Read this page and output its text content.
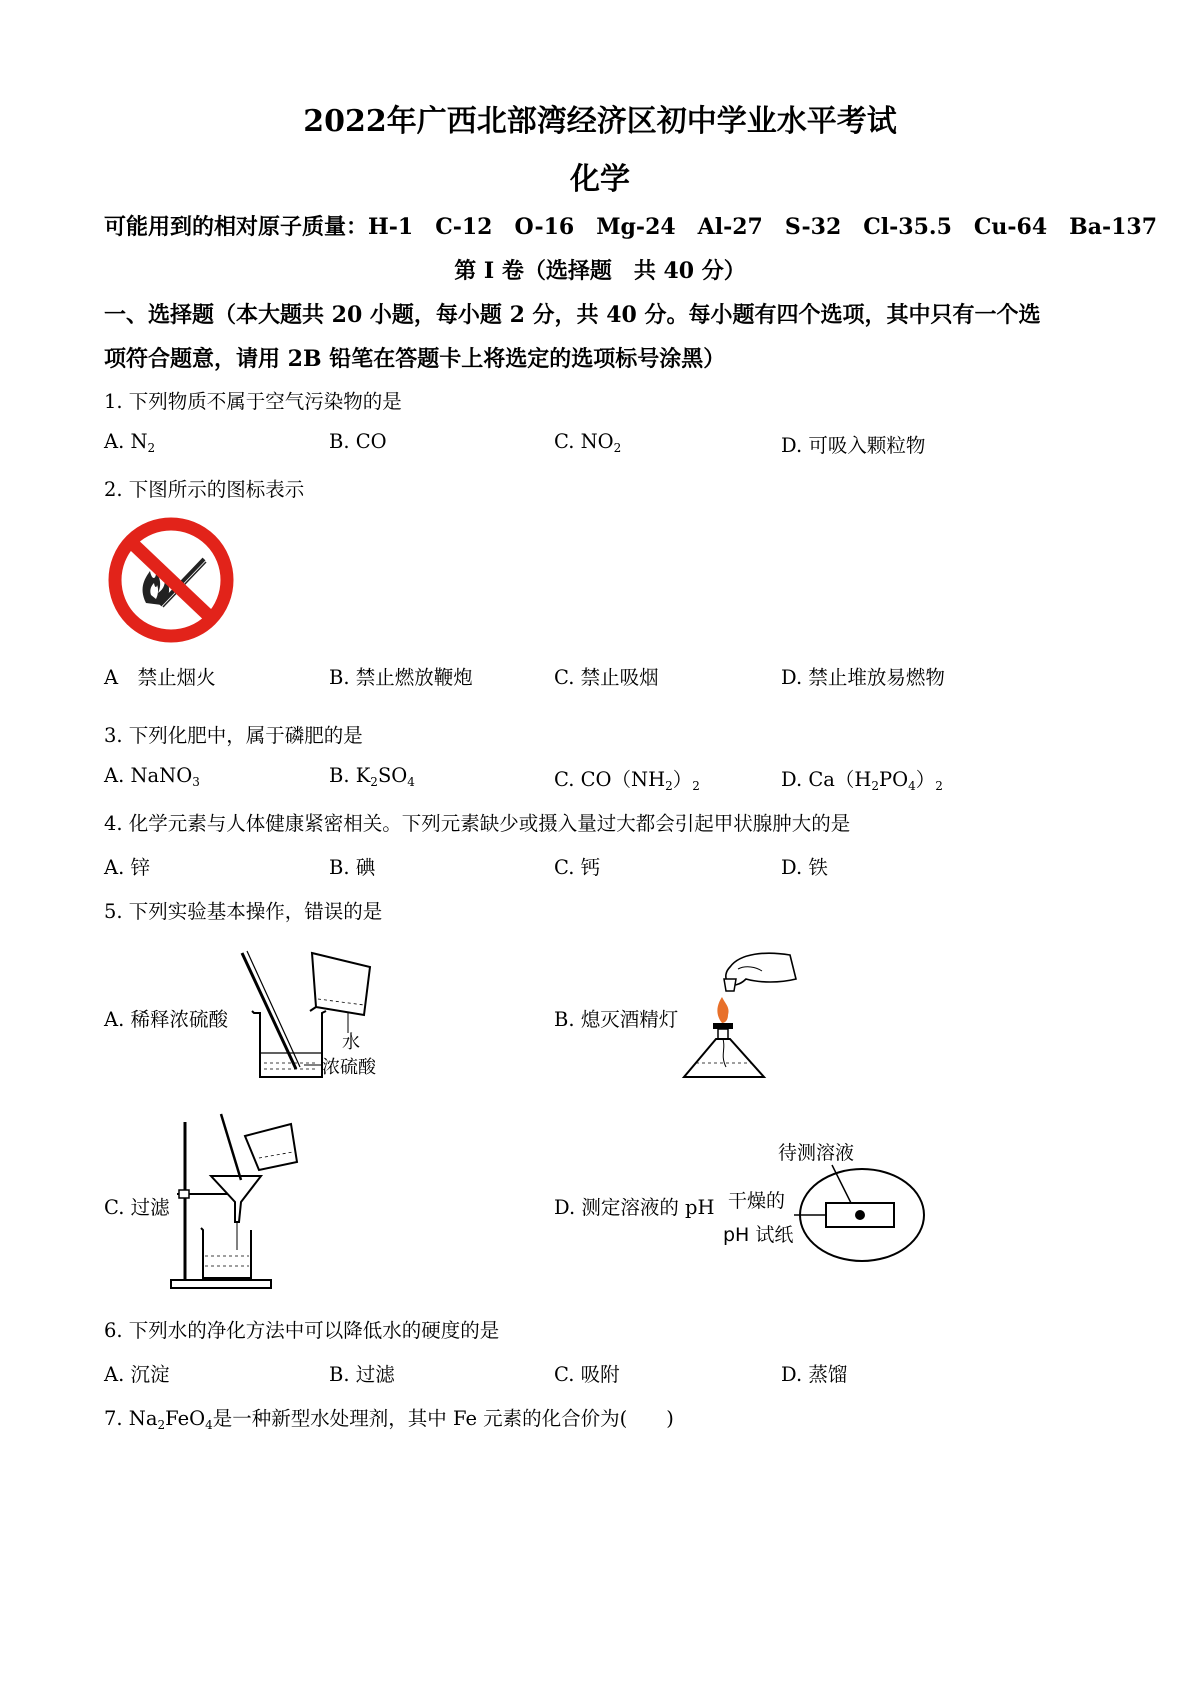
2022年广西北部湾经济区初中学业水平考试
化学
可能用到的相对原子质量：H-1　C-12　O-16　Mg-24　Al-27　S-32　Cl-35.5　Cu-64　Ba-137
第 I 卷（选择题　共 40 分）
一、选择题（本大题共 20 小题，每小题 2 分，共 40 分。每小题有四个选项，其中只有一个选
项符合题意，请用 2B 铅笔在答题卡上将选定的选项标号涂黑）
1. 下列物质不属于空气污染物的是
A. $N_2$	B. CO	C. $NO_2$	D. 可吸入颗粒物
2. 下图所示的图标表示
A　禁止烟火	B. 禁止燃放鞭炮	C. 禁止吸烟	D. 禁止堆放易燃物
3. 下列化肥中，属于磷肥的是
A. NaNO$_3$	B. $K_2SO_4$	C. $CO(NH_2)_2$	D. $Ca(H_2PO_4)_2$
4. 化学元素与人体健康紧密相关。下列元素缺少或摄入量过大都会引起甲状腺肿大的是
A. 锌	B. 碘	C. 钙	D. 铁
5. 下列实验基本操作，错误的是
A. 稀释浓硫酸
水
浓硫酸
B. 熄灭酒精灯
C. 过滤	D. 测定溶液的 pH
待测溶液
干燥的
pH 试纸
6. 下列水的净化方法中可以降低水的硬度的是
A. 沉淀	B. 过滤	C. 吸附	D. 蒸馏
7. $Na_2FeO_4$是一种新型水处理剂，其中 Fe 元素的化合价为(　　)
